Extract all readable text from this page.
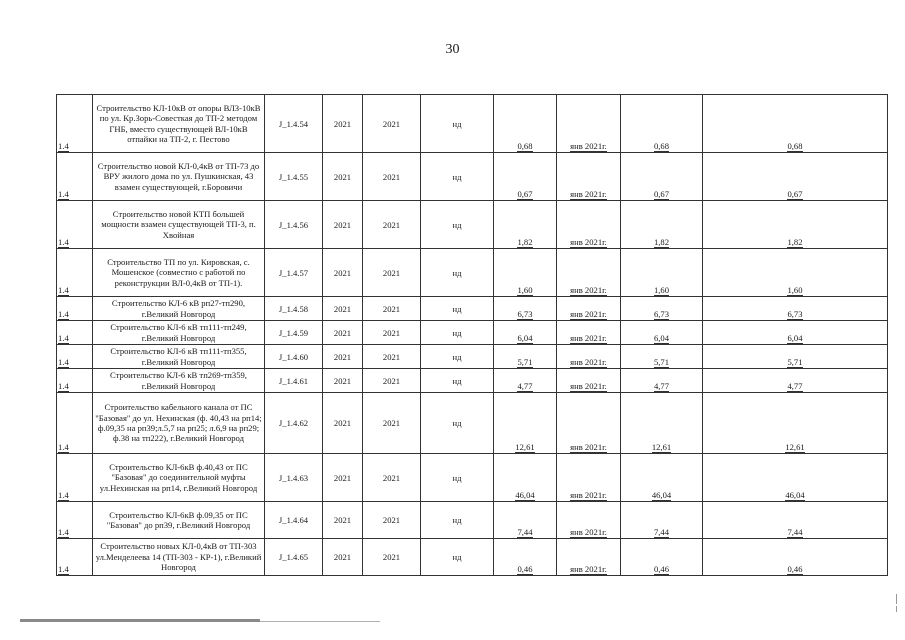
30
1.4	Строительство КЛ-10кВ от опоры ВЛЗ-10кВ по ул. Кр.Зорь-Совесткая до ТП-2 методом ГНБ, вместо существующей ВЛ-10кВ отпайки на ТП-2, г. Пестово	J_1.4.54	2021	2021	нд	0,68	янв 2021г.	0,68	0,68
1.4	Строительство новой КЛ-0,4кВ от ТП-73 до ВРУ жилого дома по ул. Пушкинская, 43 взамен существующей, г.Боровичи	J_1.4.55	2021	2021	нд	0,67	янв 2021г.	0,67	0,67
1.4	Строительство новой КТП большей мощности взамен существующей ТП-3, п. Хвойная	J_1.4.56	2021	2021	нд	1,82	янв 2021г.	1,82	1,82
1.4	Строительство ТП по ул. Кировская, с. Мошенское (совместно с работой по реконструкции ВЛ-0,4кВ от ТП-1).	J_1.4.57	2021	2021	нд	1,60	янв 2021г.	1,60	1,60
1.4	Строительство КЛ-6 кВ рп27-тп290, г.Великий Новгород	J_1.4.58	2021	2021	нд	6,73	янв 2021г.	6,73	6,73
1.4	Строительство КЛ-6 кВ тп111-тп249, г.Великий Новгород	J_1.4.59	2021	2021	нд	6,04	янв 2021г.	6,04	6,04
1.4	Строительство КЛ-6 кВ тп111-тп355, г.Великий Новгород	J_1.4.60	2021	2021	нд	5,71	янв 2021г.	5,71	5,71
1.4	Строительство КЛ-6 кВ тп269-тп359, г.Великий Новгород	J_1.4.61	2021	2021	нд	4,77	янв 2021г.	4,77	4,77
1.4	Строительство кабельного канала от ПС "Базовая" до ул. Нехинская (ф. 40,43 на рп14; ф.09,35 на рп39;л.5,7 на рп25; л.6,9 на рп29; ф.38 на тп222), г.Великий Новгород	J_1.4.62	2021	2021	нд	12,61	янв 2021г.	12,61	12,61
1.4	Строительство КЛ-6кВ ф.40,43 от ПС "Базовая" до соединительной муфты ул.Нехинская на рп14, г.Великий Новгород	J_1.4.63	2021	2021	нд	46,04	янв 2021г.	46,04	46,04
1.4	Строительство КЛ-6кВ ф.09,35 от ПС "Базовая" до рп39, г.Великий Новгород	J_1.4.64	2021	2021	нд	7,44	янв 2021г.	7,44	7,44
1.4	Строительство новых КЛ-0,4кВ от ТП-303 ул.Менделеева 14 (ТП-303 - КР-1), г.Великий Новгород	J_1.4.65	2021	2021	нд	0,46	янв 2021г.	0,46	0,46
